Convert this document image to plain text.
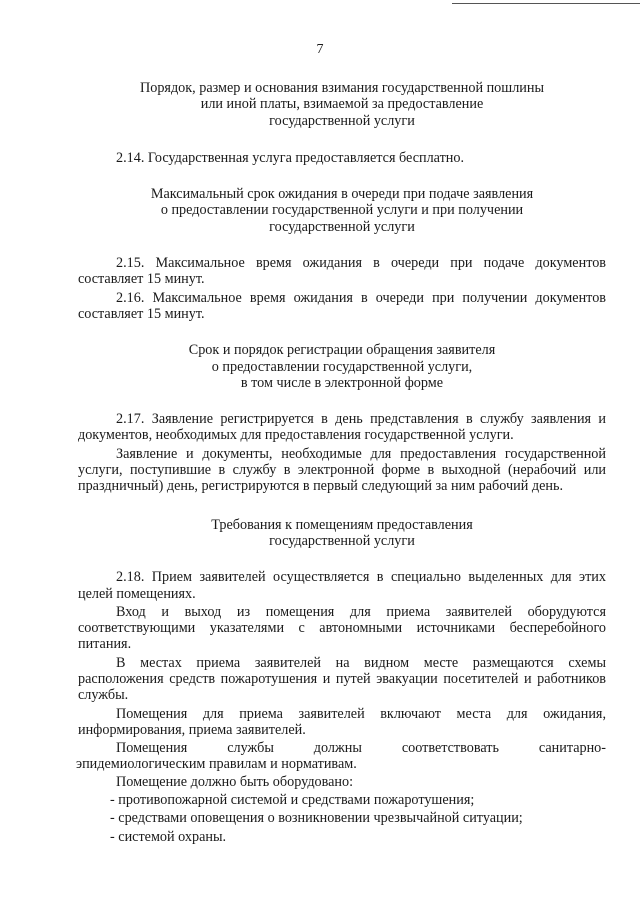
7
Порядок, размер и основания взимания государственной пошлины
или иной платы, взимаемой за предоставление
государственной услуги

2.14. Государственная услуга предоставляется бесплатно.

Максимальный срок ожидания в очереди при подаче заявления
о предоставлении государственной услуги и при получении
государственной услуги

2.15. Максимальное время ожидания в очереди при подаче документов составляет 15 минут.

2.16. Максимальное время ожидания в очереди при получении документов составляет 15 минут.

Срок и порядок регистрации обращения заявителя
о предоставлении государственной услуги,
в том числе в электронной форме

2.17. Заявление регистрируется в день представления в службу заявления и документов, необходимых для предоставления государственной услуги.

Заявление и документы, необходимые для предоставления государственной услуги, поступившие в службу в электронной форме в выходной (нерабочий или праздничный) день, регистрируются в первый следующий за ним рабочий день.

Требования к помещениям предоставления
государственной услуги

2.18. Прием заявителей осуществляется в специально выделенных для этих целей помещениях.

Вход и выход из помещения для приема заявителей оборудуются соответствующими указателями с автономными источниками бесперебойного питания.

В местах приема заявителей на видном месте размещаются схемы расположения средств пожаротушения и путей эвакуации посетителей и работников службы.

Помещения для приема заявителей включают места для ожидания, информирования, приема заявителей.

Помещения службы должны соответствовать санитарно-

эпидемиологическим правилам и нормативам.

Помещение должно быть оборудовано:

- противопожарной системой и средствами пожаротушения;

- средствами оповещения о возникновении чрезвычайной ситуации;

- системой охраны.
